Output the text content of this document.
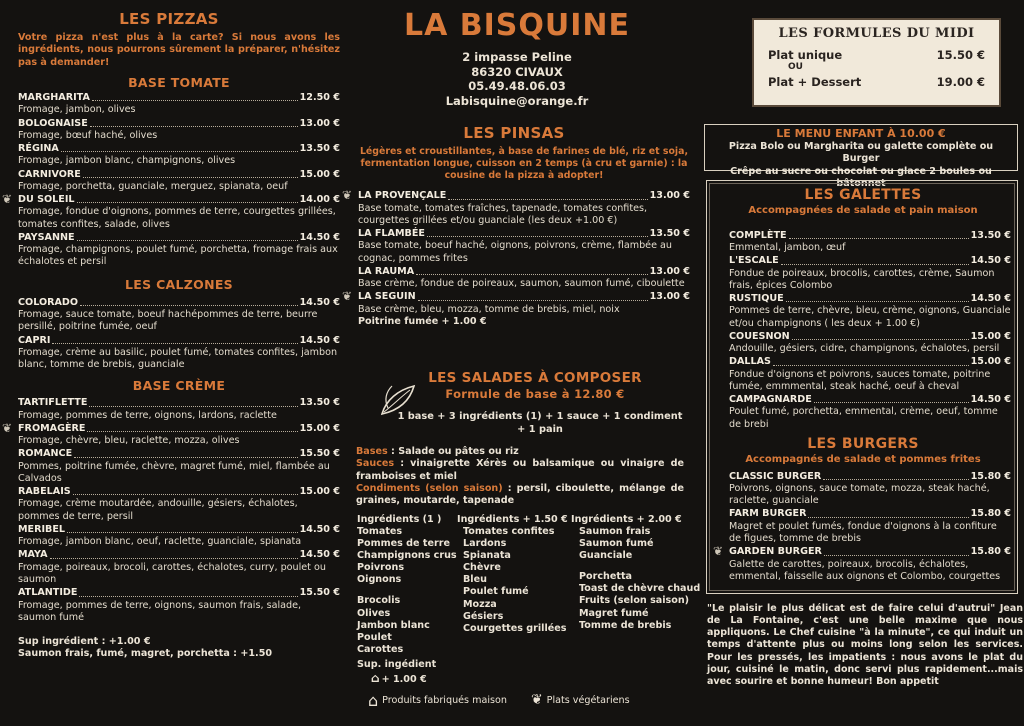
LES PIZZAS
Votre pizza n'est plus à la carte? Si nous avons les ingrédients, nous pourrons sûrement la préparer, n'hésitez pas à demander!
BASE TOMATE
MARGHARITA	12.50 €
Fromage, jambon, olives
BOLOGNAISE	13.00 €
Fromage, bœuf haché, olives
RÉGINA	13.50 €
Fromage, jambon blanc, champignons, olives
CARNIVORE	15.00 €
Fromage, porchetta, guanciale, merguez, spianata, oeuf
❦ DU SOLEIL	14.00 €
Fromage, fondue d'oignons, pommes de terre, courgettes grillées, tomates confites, salade, olives
PAYSANNE	14.50 €
Fromage, champignons, poulet fumé, porchetta, fromage frais aux échalotes et persil
LES CALZONES
COLORADO	14.50 €
Fromage, sauce tomate, boeuf hachépommes de terre, beurre persillé, poitrine fumée, oeuf
CAPRI	14.50 €
Fromage, crème au basilic, poulet fumé, tomates confites, jambon blanc, tomme de brebis, guanciale
BASE CRÈME
TARTIFLETTE	13.50 €
Fromage, pommes de terre, oignons, lardons, raclette
❦ FROMAGÈRE	15.00 €
Fromage, chèvre, bleu, raclette, mozza, olives
ROMANCE	15.50 €
Pommes, poitrine fumée, chèvre, magret fumé, miel, flambée au Calvados
RABELAIS	15.00 €
Fromage, crème moutardée, andouille, gésiers, échalotes, pommes de terre, persil
MERIBEL	14.50 €
Fromage, jambon blanc, oeuf, raclette, guanciale, spianata
MAYA	14.50 €
Fromage, poireaux, brocoli, carottes, échalotes, curry, poulet ou saumon
ATLANTIDE	15.50 €
Fromage, pommes de terre, oignons, saumon frais, salade, saumon fumé
Sup ingrédient : +1.00 €
Saumon frais, fumé, magret, porchetta : +1.50
LA BISQUINE
2 impasse Peline
86320 CIVAUX
05.49.48.06.03
Labisquine@orange.fr
LES PINSAS
Légères et croustillantes, à base de farines de blé, riz et soja, fermentation longue, cuisson en 2 temps (à cru et garnie) : la cousine de la pizza à adopter!
❦ LA PROVENÇALE	13.00 €
Base tomate, tomates fraîches, tapenade, tomates confites, courgettes grillées et/ou guanciale (les deux +1.00 €)
LA FLAMBÉE	13.50 €
Base tomate, boeuf haché, oignons, poivrons, crème, flambée au cognac, pommes frites
LA RAUMA	13.00 €
Base crème, fondue de poireaux, saumon, saumon fumé, ciboulette
❦ LA SEGUIN	13.00 €
Base crème, bleu, mozza, tomme de brebis, miel, noix
Poitrine fumée + 1.00 €
LES SALADES À COMPOSER
Formule de base à 12.80 €
1 base + 3 ingrédients (1) + 1 sauce + 1 condiment + 1 pain
Bases : Salade ou pâtes ou riz
Sauces : vinaigrette Xérès ou balsamique ou vinaigre de framboises et miel
Condiments (selon saison) : persil, ciboulette, mélange de graines, moutarde, tapenade
Ingrédients (1 )
Tomates
Pommes de terre
Champignons crus
Poivrons
Oignons
Brocolis
Olives
Jambon blanc
Poulet
Carottes
Sup. ingédient
⌂ + 1.00 €
Ingrédients + 1.50 €
Tomates confites
Lardons
Spianata
Chèvre
Bleu
Poulet fumé
Mozza
Gésiers
Courgettes grillées
Ingrédients + 2.00 €
Saumon frais
Saumon fumé
Guanciale
Porchetta
Toast de chèvre chaud
Fruits (selon saison)
Magret fumé
Tomme de brebis
LES FORMULES DU MIDI
Plat unique	15.50 €
OU
Plat + Dessert	19.00 €
LE MENU ENFANT À 10.00 €
Pizza Bolo ou Margharita ou galette complète ou Burger
Crêpe au sucre ou chocolat ou glace 2 boules ou bâtonnet
LES GALETTES
Accompagnées de salade et pain maison
COMPLÈTE	13.50 €
Emmental, jambon, œuf
L'ESCALE	14.50 €
Fondue de poireaux, brocolis, carottes, crème, Saumon frais, épices Colombo
RUSTIQUE	14.50 €
Pommes de terre, chèvre, bleu, crème, oignons, Guanciale et/ou champignons ( les deux + 1.00 €)
COUESNON	15.00 €
Andouille, gésiers, cidre, champignons, échalotes, persil
DALLAS	15.00 €
Fondue d'oignons et poivrons, sauces tomate, poitrine fumée, emmmental, steak haché, oeuf à cheval
CAMPAGNARDE	14.50 €
Poulet fumé, porchetta, emmental, crème, oeuf, tomme de brebi
LES BURGERS
Accompagnés de salade et pommes frites
CLASSIC BURGER	15.80 €
Poivrons, oignons, sauce tomate, mozza, steak haché, raclette, guanciale
FARM BURGER	15.80 €
Magret et poulet fumés, fondue d'oignons à la confiture de figues, tomme de brebis
❦ GARDEN BURGER	15.80 €
Galette de carottes, poireaux, brocolis, échalotes, emmental, faisselle aux oignons et Colombo, courgettes
"Le plaisir le plus délicat est de faire celui d'autrui" Jean de La Fontaine, c'est une belle maxime que nous appliquons. Le Chef cuisine "à la minute", ce qui induit un temps d'attente plus ou moins long selon les services. Pour les pressés, les impatients : nous avons le plat du jour, cuisiné le matin, donc servi plus rapidement...mais avec sourire et bonne humeur! Bon appetit
⌂ Produits fabriqués maison ❦ Plats végétariens
